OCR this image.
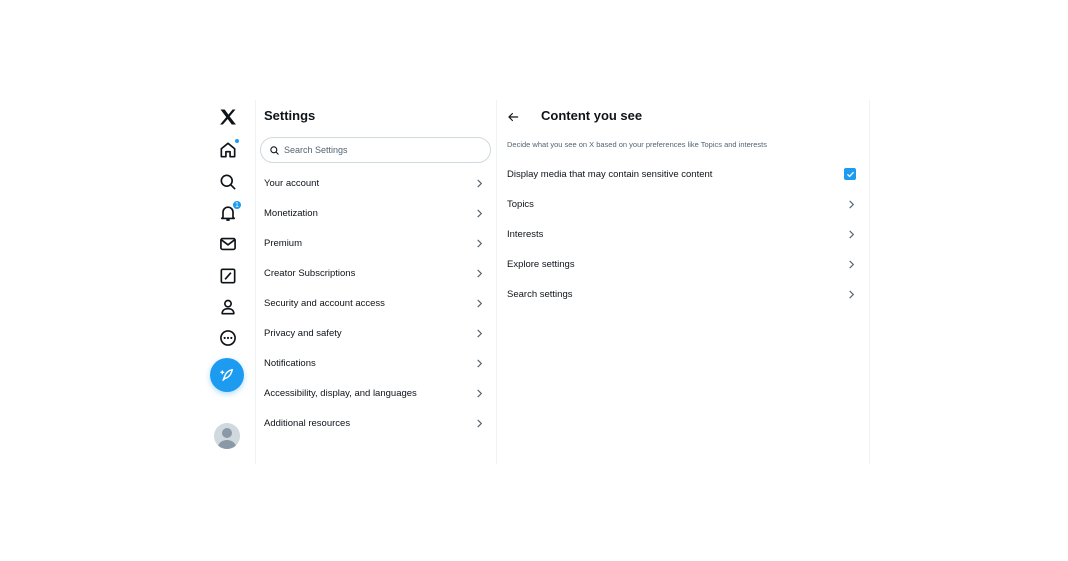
1
Settings
Search Settings
Your account
Monetization
Premium
Creator Subscriptions
Security and account access
Privacy and safety
Notifications
Accessibility, display, and languages
Additional resources
Content you see

Decide what you see on X based on your preferences like Topics and interests

Display media that may contain sensitive content
Topics
Interests
Explore settings
Search settings
